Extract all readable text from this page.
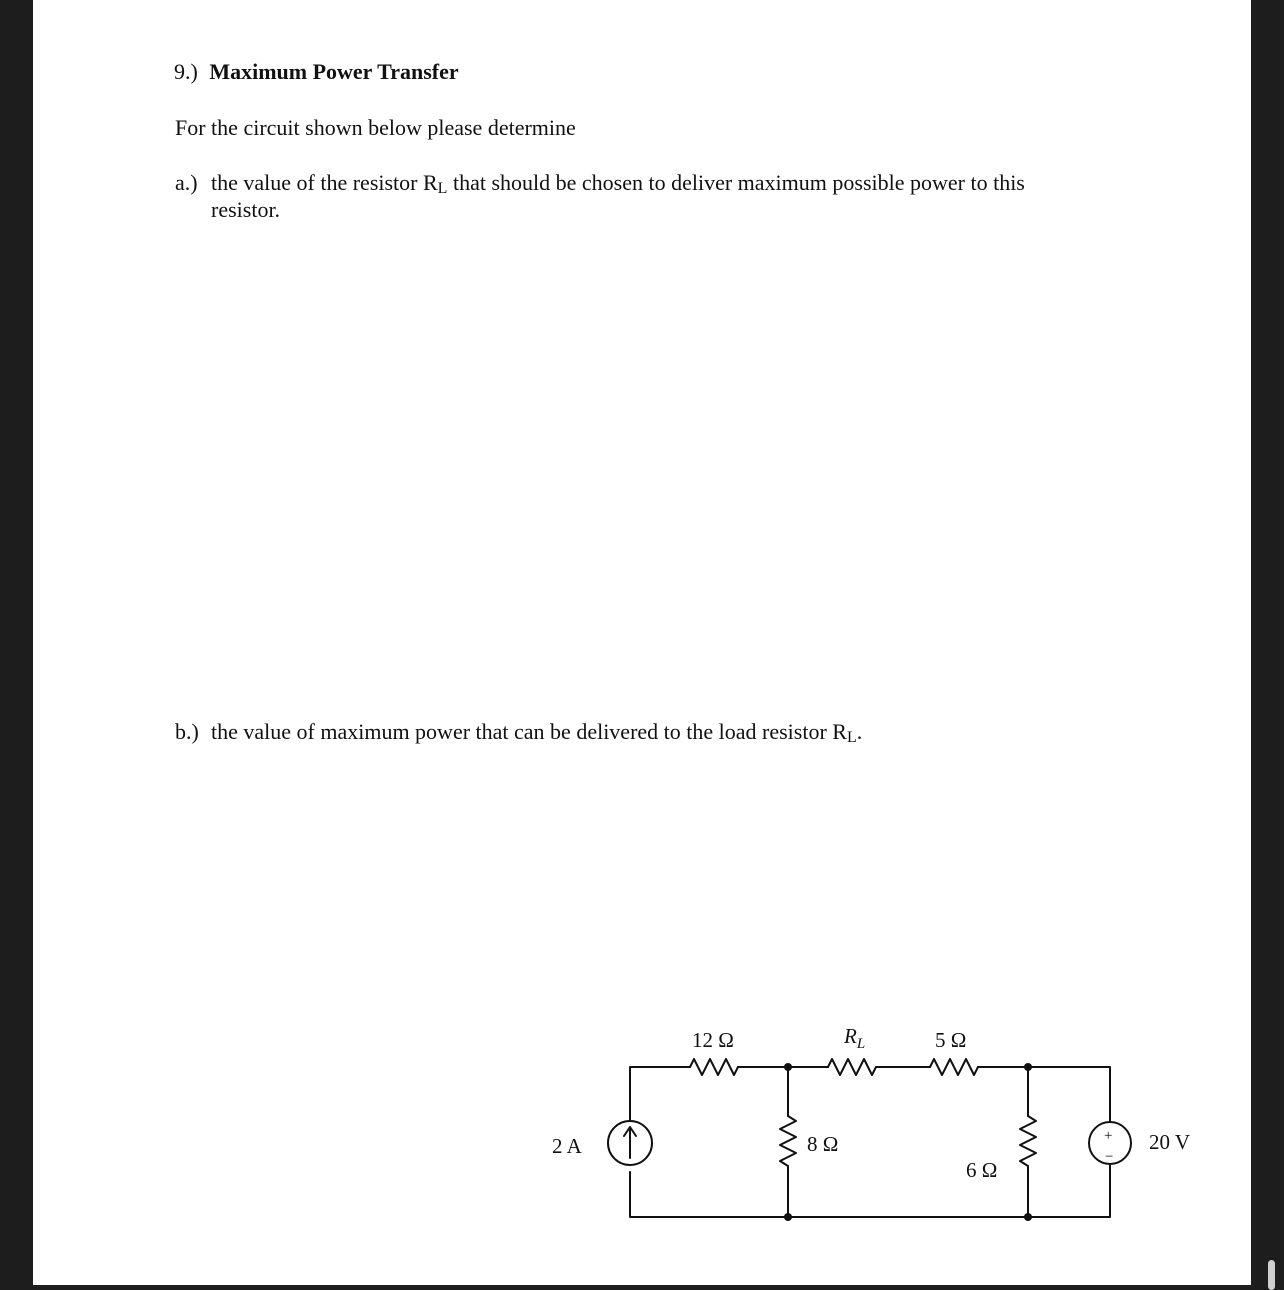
9.) Maximum Power Transfer
For the circuit shown below please determine
a.) the value of the resistor RL that should be chosen to deliver maximum possible power to this
resistor.
b.) the value of maximum power that can be delivered to the load resistor RL.
12 Ω	$R_L$	5 Ω
2 A	8 Ω
6 Ω
20 V
+
−
